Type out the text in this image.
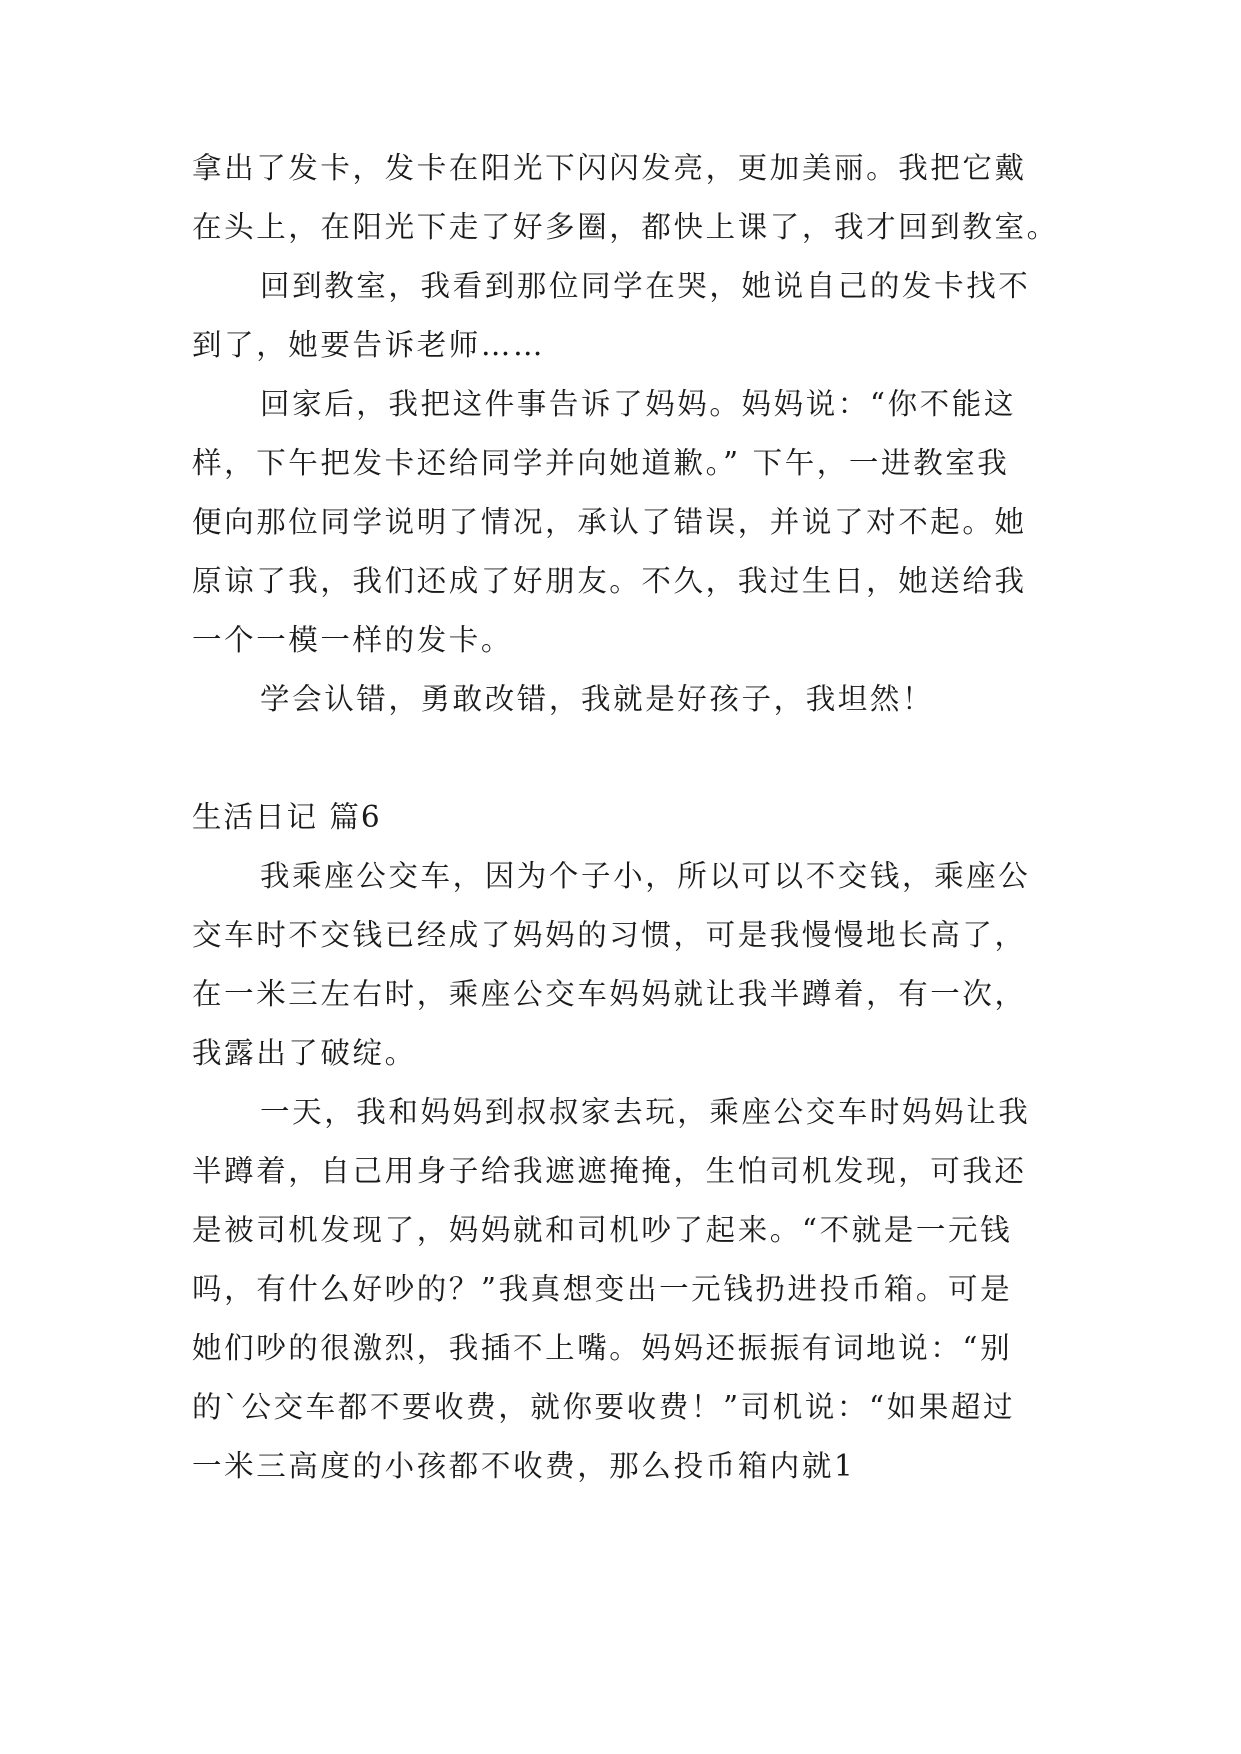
拿出了发卡，发卡在阳光下闪闪发亮，更加美丽。我把它戴
在头上，在阳光下走了好多圈，都快上课了，我才回到教室。
回到教室，我看到那位同学在哭，她说自己的发卡找不
到了，她要告诉老师……
回家后，我把这件事告诉了妈妈。妈妈说：“你不能这
样，下午把发卡还给同学并向她道歉。” 下午，一进教室我
便向那位同学说明了情况，承认了错误，并说了对不起。她
原谅了我，我们还成了好朋友。不久，我过生日，她送给我
一个一模一样的发卡。
学会认错，勇敢改错，我就是好孩子，我坦然！
生活日记 篇6
我乘座公交车，因为个子小，所以可以不交钱，乘座公
交车时不交钱已经成了妈妈的习惯，可是我慢慢地长高了，
在一米三左右时，乘座公交车妈妈就让我半蹲着，有一次，
我露出了破绽。
一天，我和妈妈到叔叔家去玩，乘座公交车时妈妈让我
半蹲着，自己用身子给我遮遮掩掩，生怕司机发现，可我还
是被司机发现了，妈妈就和司机吵了起来。“不就是一元钱
吗，有什么好吵的？”我真想变出一元钱扔进投币箱。可是
她们吵的很激烈，我插不上嘴。妈妈还振振有词地说：“别
的`公交车都不要收费，就你要收费！”司机说：“如果超过
一米三高度的小孩都不收费，那么投币箱内就1
